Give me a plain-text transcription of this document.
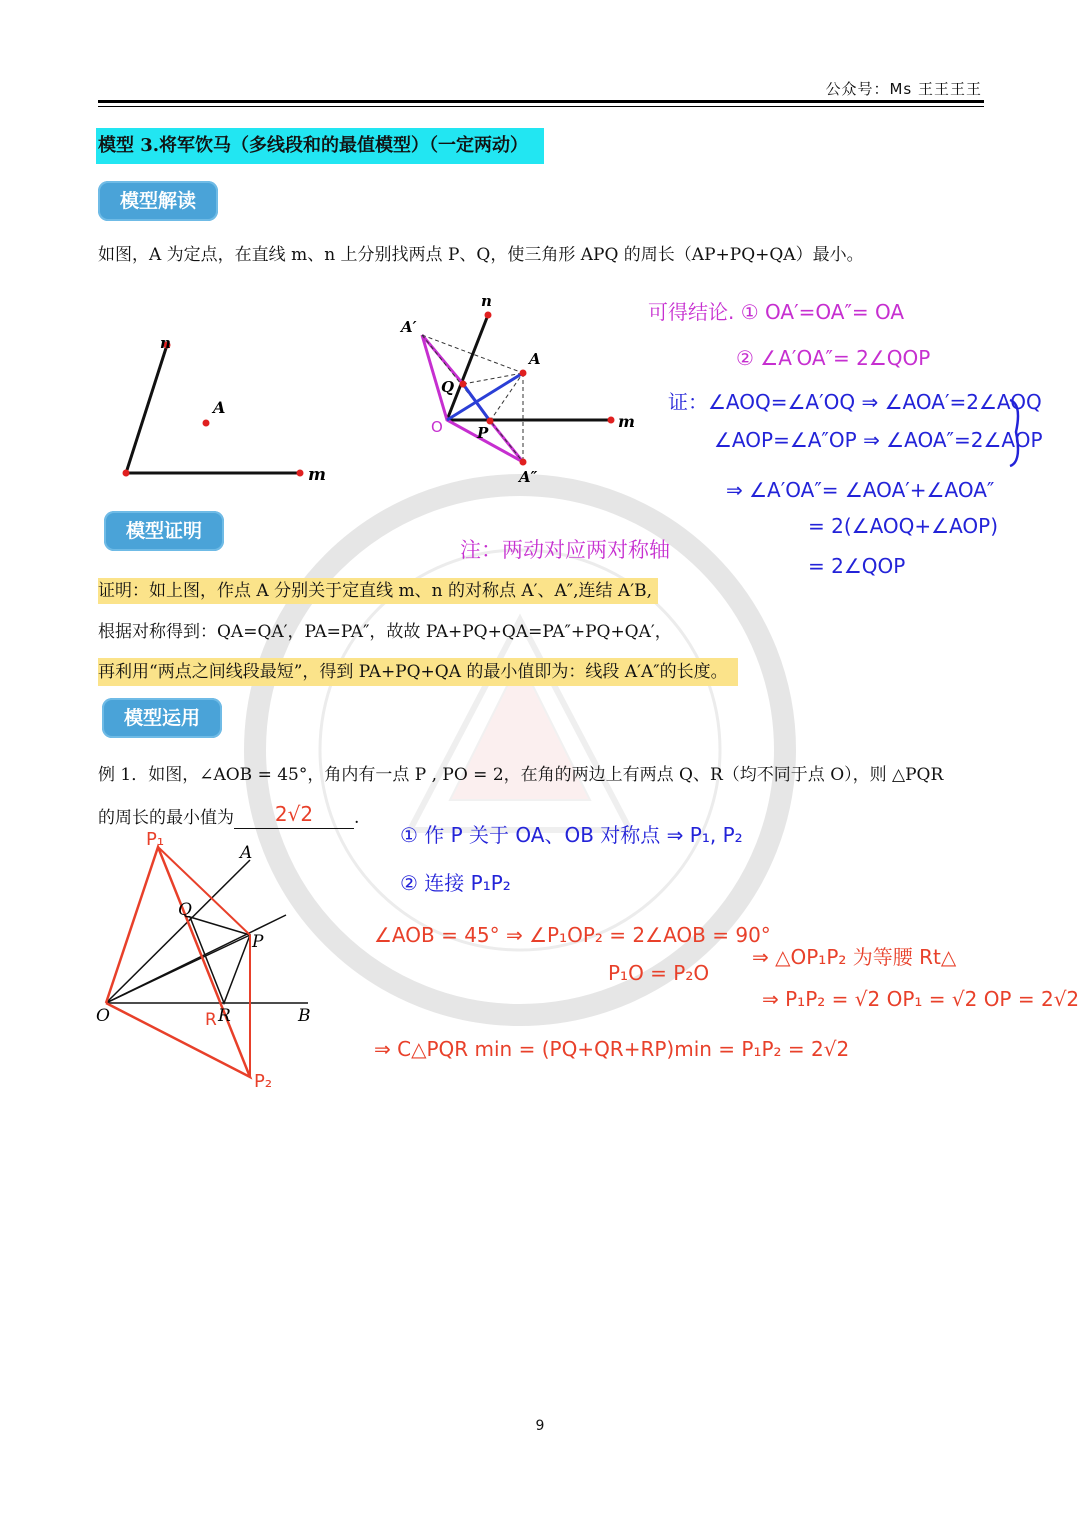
公众号：Ms 王王王王
模型 3.将军饮马（多线段和的最值模型）（一定两动）
模型解读
如图，A 为定点，在直线 m、n 上分别找两点 P、Q，使三角形 APQ 的周长（AP+PQ+QA）最小。
n
A
m
n
A′
A
Q
P
O	m
A″
可得结论. ① OA′=OA″= OA
② ∠A′OA″= 2∠QOP
证：∠AOQ=∠A′OQ ⇒ ∠AOA′=2∠AOQ
∠AOP=∠A″OP ⇒ ∠AOA″=2∠AOP
⇒ ∠A′OA″= ∠AOA′+∠AOA″
= 2(∠AOQ+∠AOP)
= 2∠QOP
模型证明
注：两动对应两对称轴
证明：如上图，作点 A 分别关于定直线 m、n 的对称点 A′、A″,连结 A′B,
根据对称得到：QA=QA′，PA=PA″，故故 PA+PQ+QA=PA″+PQ+QA′，
再利用“两点之间线段最短”，得到 PA+PQ+QA 的最小值即为：线段 A′A″的长度。
模型运用
例 1．如图，∠AOB = 45°，角内有一点 P , PO = 2，在角的两边上有两点 Q、R（均不同于点 O），则 △PQR
的周长的最小值为 2√2 .
P₁
A
Q
P
O	R
R	B
P₂
① 作 P 关于 OA、OB 对称点 ⇒ P₁, P₂
② 连接 P₁P₂
∠AOB = 45° ⇒ ∠P₁OP₂ = 2∠AOB = 90°
P₁O = P₂O
⇒ △OP₁P₂ 为等腰 Rt△
⇒ P₁P₂ = √2 OP₁ = √2 OP = 2√2
⇒ C△PQR min = (PQ+QR+RP)min = P₁P₂ = 2√2
9
